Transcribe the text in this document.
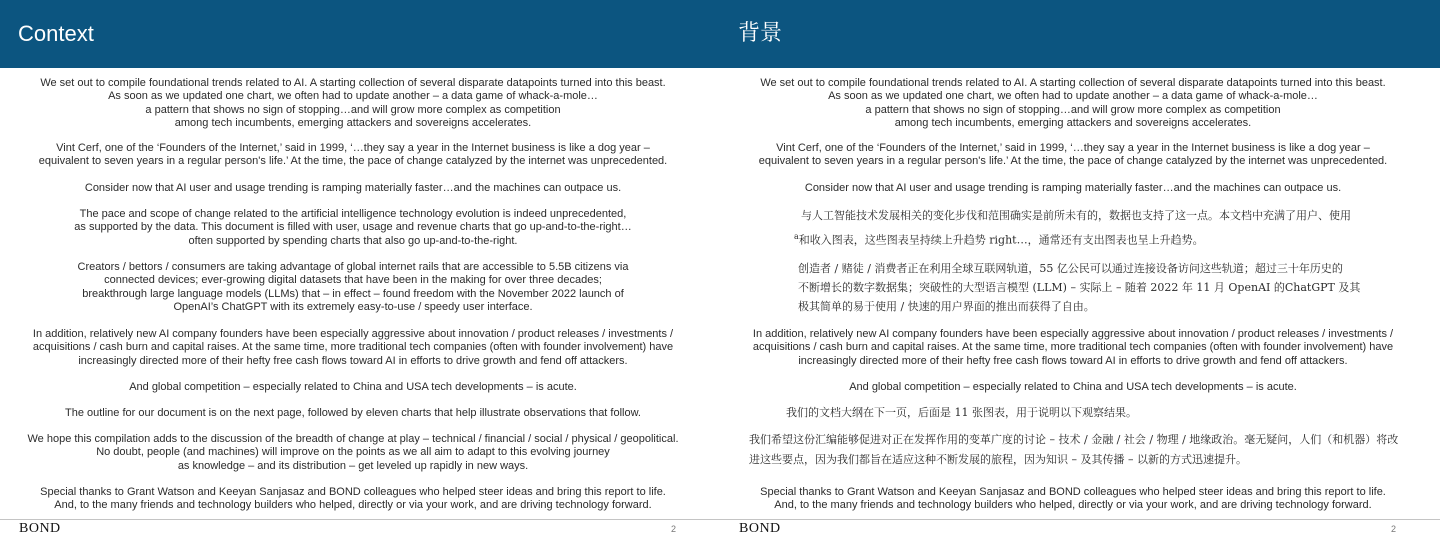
Context
We set out to compile foundational trends related to AI. A starting collection of several disparate datapoints turned into this beast.
As soon as we updated one chart, we often had to update another – a data game of whack-a-mole…
a pattern that shows no sign of stopping…and will grow more complex as competition
among tech incumbents, emerging attackers and sovereigns accelerates.
Vint Cerf, one of the ‘Founders of the Internet,’ said in 1999, ‘…they say a year in the Internet business is like a dog year –
equivalent to seven years in a regular person's life.’ At the time, the pace of change catalyzed by the internet was unprecedented.
Consider now that AI user and usage trending is ramping materially faster…and the machines can outpace us.
The pace and scope of change related to the artificial intelligence technology evolution is indeed unprecedented,
as supported by the data. This document is filled with user, usage and revenue charts that go up-and-to-the-right…
often supported by spending charts that also go up-and-to-the-right.
Creators / bettors / consumers are taking advantage of global internet rails that are accessible to 5.5B citizens via
connected devices; ever-growing digital datasets that have been in the making for over three decades;
breakthrough large language models (LLMs) that – in effect – found freedom with the November 2022 launch of
OpenAI’s ChatGPT with its extremely easy-to-use / speedy user interface.
In addition, relatively new AI company founders have been especially aggressive about innovation / product releases / investments /
acquisitions / cash burn and capital raises. At the same time, more traditional tech companies (often with founder involvement) have
increasingly directed more of their hefty free cash flows toward AI in efforts to drive growth and fend off attackers.
And global competition – especially related to China and USA tech developments – is acute.
The outline for our document is on the next page, followed by eleven charts that help illustrate observations that follow.
We hope this compilation adds to the discussion of the breadth of change at play – technical / financial / social / physical / geopolitical.
No doubt, people (and machines) will improve on the points as we all aim to adapt to this evolving journey
as knowledge – and its distribution – get leveled up rapidly in new ways.
Special thanks to Grant Watson and Keeyan Sanjasaz and BOND colleagues who helped steer ideas and bring this report to life.
And, to the many friends and technology builders who helped, directly or via your work, and are driving technology forward.
BOND	2
背景
We set out to compile foundational trends related to AI. A starting collection of several disparate datapoints turned into this beast.
As soon as we updated one chart, we often had to update another – a data game of whack-a-mole…
a pattern that shows no sign of stopping…and will grow more complex as competition
among tech incumbents, emerging attackers and sovereigns accelerates.
Vint Cerf, one of the ‘Founders of the Internet,’ said in 1999, ‘…they say a year in the Internet business is like a dog year –
equivalent to seven years in a regular person's life.’ At the time, the pace of change catalyzed by the internet was unprecedented.
Consider now that AI user and usage trending is ramping materially faster…and the machines can outpace us.
与人工智能技术发展相关的变化步伐和范围确实是前所未有的，数据也支持了这一点。本文档中充满了用户、使用
a和收入图表，这些图表呈持续上升趋势 right…，通常还有支出图表也呈上升趋势。
创造者 / 赌徒 / 消费者正在利用全球互联网轨道，55 亿公民可以通过连接设备访问这些轨道；超过三十年历史的
不断增长的数字数据集；突破性的大型语言模型 (LLM) – 实际上 – 随着 2022 年 11 月 OpenAI 的ChatGPT 及其
极其简单的易于使用 / 快速的用户界面的推出而获得了自由。
In addition, relatively new AI company founders have been especially aggressive about innovation / product releases / investments /
acquisitions / cash burn and capital raises. At the same time, more traditional tech companies (often with founder involvement) have
increasingly directed more of their hefty free cash flows toward AI in efforts to drive growth and fend off attackers.
And global competition – especially related to China and USA tech developments – is acute.
我们的文档大纲在下一页，后面是 11 张图表，用于说明以下观察结果。
我们希望这份汇编能够促进对正在发挥作用的变革广度的讨论 – 技术 / 金融 / 社会 / 物理 / 地缘政治。毫无疑问，人们（和机器）将改
进这些要点，因为我们都旨在适应这种不断发展的旅程，因为知识 – 及其传播 – 以新的方式迅速提升。
Special thanks to Grant Watson and Keeyan Sanjasaz and BOND colleagues who helped steer ideas and bring this report to life.
And, to the many friends and technology builders who helped, directly or via your work, and are driving technology forward.
BOND	2
